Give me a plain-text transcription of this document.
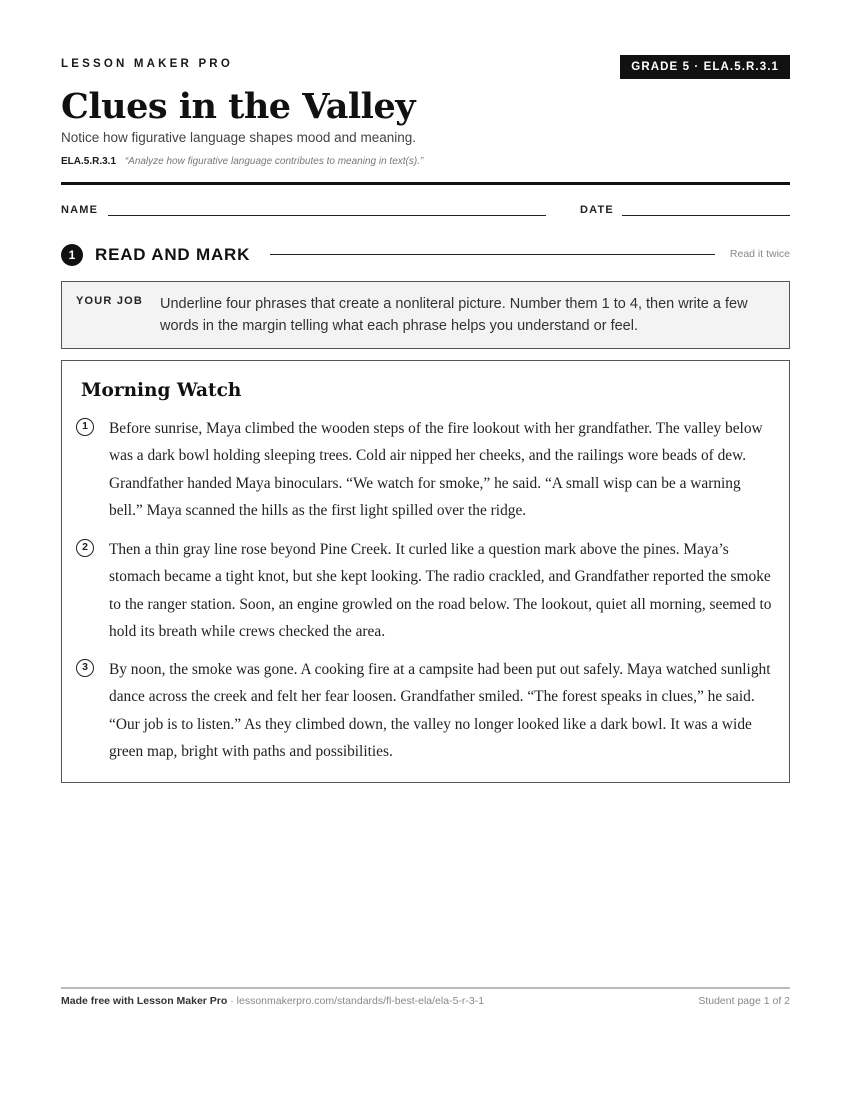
LESSON MAKER PRO	GRADE 5 · ELA.5.R.3.1
Clues in the Valley
Notice how figurative language shapes mood and meaning.
ELA.5.R.3.1 “Analyze how figurative language contributes to meaning in text(s).”
NAME	DATE
1	READ AND MARK	Read it twice
YOUR JOB Underline four phrases that create a nonliteral picture. Number them 1 to 4, then write a few words in the margin telling what each phrase helps you understand or feel.
Morning Watch
1	Before sunrise, Maya climbed the wooden steps of the fire lookout with her grandfather. The valley below was a dark bowl holding sleeping trees. Cold air nipped her cheeks, and the railings wore beads of dew. Grandfather handed Maya binoculars. “We watch for smoke,” he said. “A small wisp can be a warning bell.” Maya scanned the hills as the first light spilled over the ridge.

2	Then a thin gray line rose beyond Pine Creek. It curled like a question mark above the pines. Maya’s stomach became a tight knot, but she kept looking. The radio crackled, and Grandfather reported the smoke to the ranger station. Soon, an engine growled on the road below. The lookout, quiet all morning, seemed to hold its breath while crews checked the area.

3	By noon, the smoke was gone. A cooking fire at a campsite had been put out safely. Maya watched sunlight dance across the creek and felt her fear loosen. Grandfather smiled. “The forest speaks in clues,” he said. “Our job is to listen.” As they climbed down, the valley no longer looked like a dark bowl. It was a wide green map, bright with paths and possibilities.

Made free with Lesson Maker Pro · lessonmakerpro.com/standards/fl-best-ela/ela-5-r-3-1	Student page 1 of 2
